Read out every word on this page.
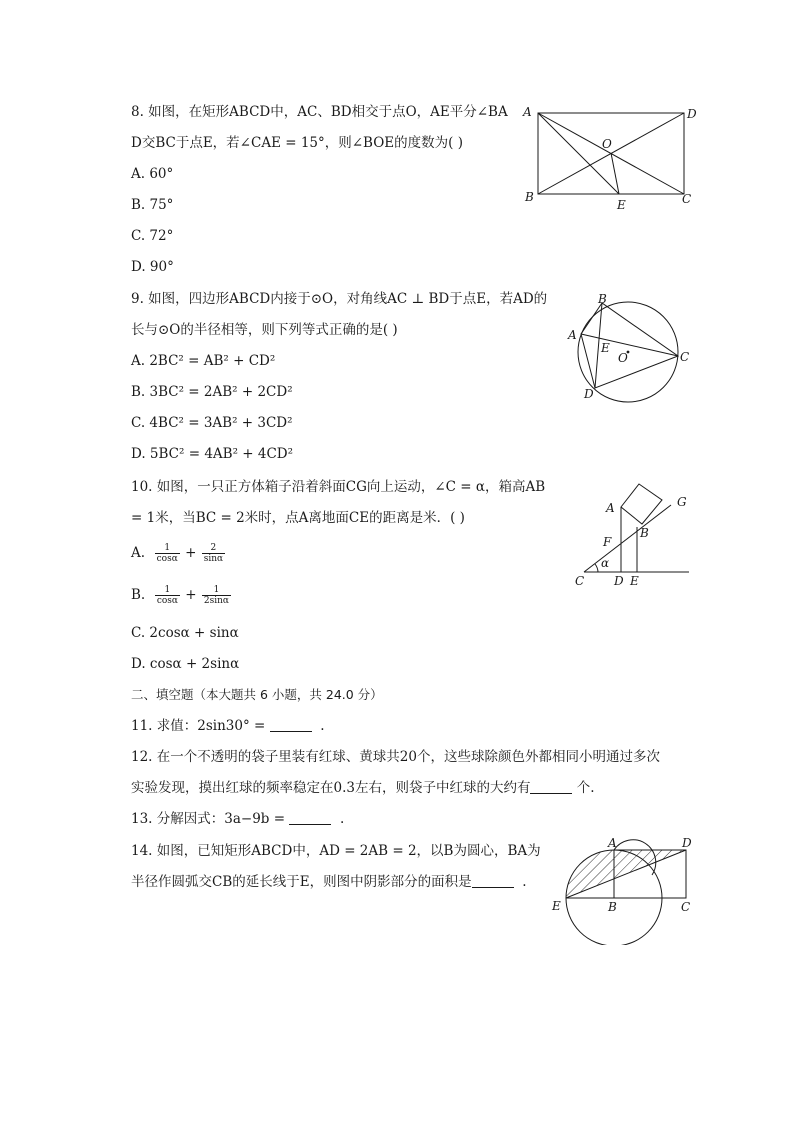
8. 如图，在矩形ABCD中，AC、BD相交于点O，AE平分∠BA
D交BC于点E，若∠CAE = 15°，则∠BOE的度数为( )
A. 60°
B. 75°
C. 72°
D. 90°
A	D
O
B
E	C
9. 如图，四边形ABCD内接于⊙O，对角线AC ⊥ BD于点E，若AD的
长与⊙O的半径相等，则下列等式正确的是( )
A. 2BC² = AB² + CD²
B. 3BC² = 2AB² + 2CD²
C. 4BC² = 3AB² + 3CD²
D. 5BC² = 4AB² + 4CD²
B
A
E
O	C
D
10. 如图，一只正方体箱子沿着斜面CG向上运动，∠C = α，箱高AB
= 1米，当BC = 2米时，点A离地面CE的距离是米．( )
A. $\frac{1}{\cos\alpha} + \frac{2}{\sin\alpha}$
B. $\frac{1}{\cos\alpha} + \frac{1}{2\sin\alpha}$
C. 2cosα + sinα
D. cosα + 2sinα
G
A
B
F
α
C D E
二、填空题（本大题共 6 小题，共 24.0 分）
11. 求值：2sin30° =	.
12. 在一个不透明的袋子里装有红球、黄球共20个，这些球除颜色外都相同小明通过多次
实验发现，摸出红球的频率稳定在0.3左右，则袋子中红球的大约有	个.
13. 分解因式：3a−9b =	.
14. 如图，已知矩形ABCD中，AD = 2AB = 2，以B为圆心，BA为
半径作圆弧交CB的延长线于E，则图中阴影部分的面积是	.
A	D
E	B	C
